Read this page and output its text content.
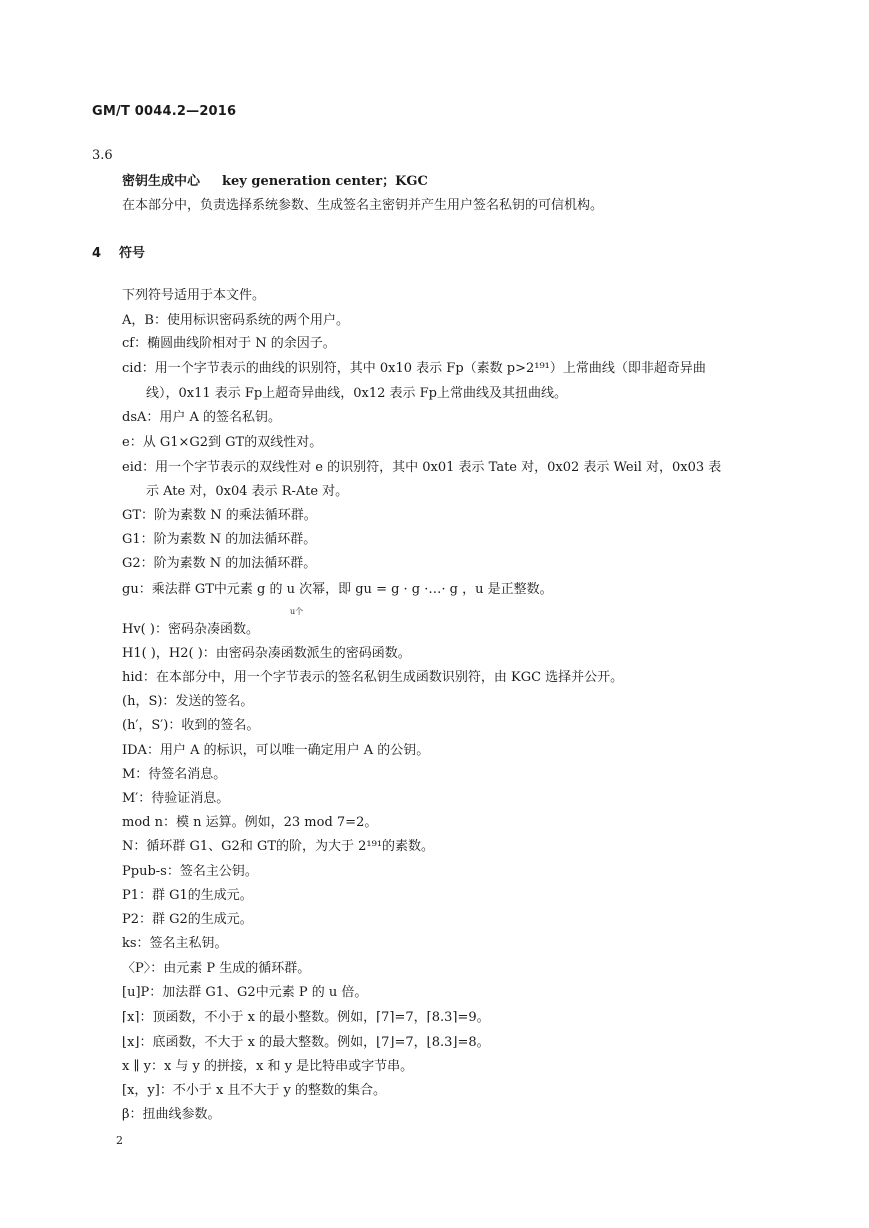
GM/T 0044.2—2016
3.6
密钥生成中心 key generation center；KGC
在本部分中，负责选择系统参数、生成签名主密钥并产生用户签名私钥的可信机构。
4 符号
下列符号适用于本文件。
A，B：使用标识密码系统的两个用户。
cf：椭圆曲线阶相对于 N 的余因子。
cid：用一个字节表示的曲线的识别符，其中 0x10 表示 Fp（素数 p>2¹⁹¹）上常曲线（即非超奇异曲
线），0x11 表示 Fp上超奇异曲线，0x12 表示 Fp上常曲线及其扭曲线。
dsA：用户 A 的签名私钥。
e：从 G1×G2到 GT的双线性对。
eid：用一个字节表示的双线性对 e 的识别符，其中 0x01 表示 Tate 对，0x02 表示 Weil 对，0x03 表
示 Ate 对，0x04 表示 R-Ate 对。
GT：阶为素数 N 的乘法循环群。
G1：阶为素数 N 的加法循环群。
G2：阶为素数 N 的加法循环群。
gu：乘法群 GT中元素 g 的 u 次幂，即 gu = g · g ·…· g ，u 是正整数。
u个
Hv( )：密码杂凑函数。
H1( )，H2( )：由密码杂凑函数派生的密码函数。
hid：在本部分中，用一个字节表示的签名私钥生成函数识别符，由 KGC 选择并公开。
(h，S)：发送的签名。
(h′，S′)：收到的签名。
IDA：用户 A 的标识，可以唯一确定用户 A 的公钥。
M：待签名消息。
M′：待验证消息。
mod n：模 n 运算。例如，23 mod 7=2。
N：循环群 G1、G2和 GT的阶，为大于 2¹⁹¹的素数。
Ppub-s：签名主公钥。
P1：群 G1的生成元。
P2：群 G2的生成元。
ks：签名主私钥。
〈P〉：由元素 P 生成的循环群。
[u]P：加法群 G1、G2中元素 P 的 u 倍。
⌈x⌉：顶函数，不小于 x 的最小整数。例如，⌈7⌉=7，⌈8.3⌉=9。
⌊x⌋：底函数，不大于 x 的最大整数。例如，⌊7⌋=7，⌊8.3⌋=8。
x ∥ y：x 与 y 的拼接，x 和 y 是比特串或字节串。
[x，y]：不小于 x 且不大于 y 的整数的集合。
β：扭曲线参数。
2
